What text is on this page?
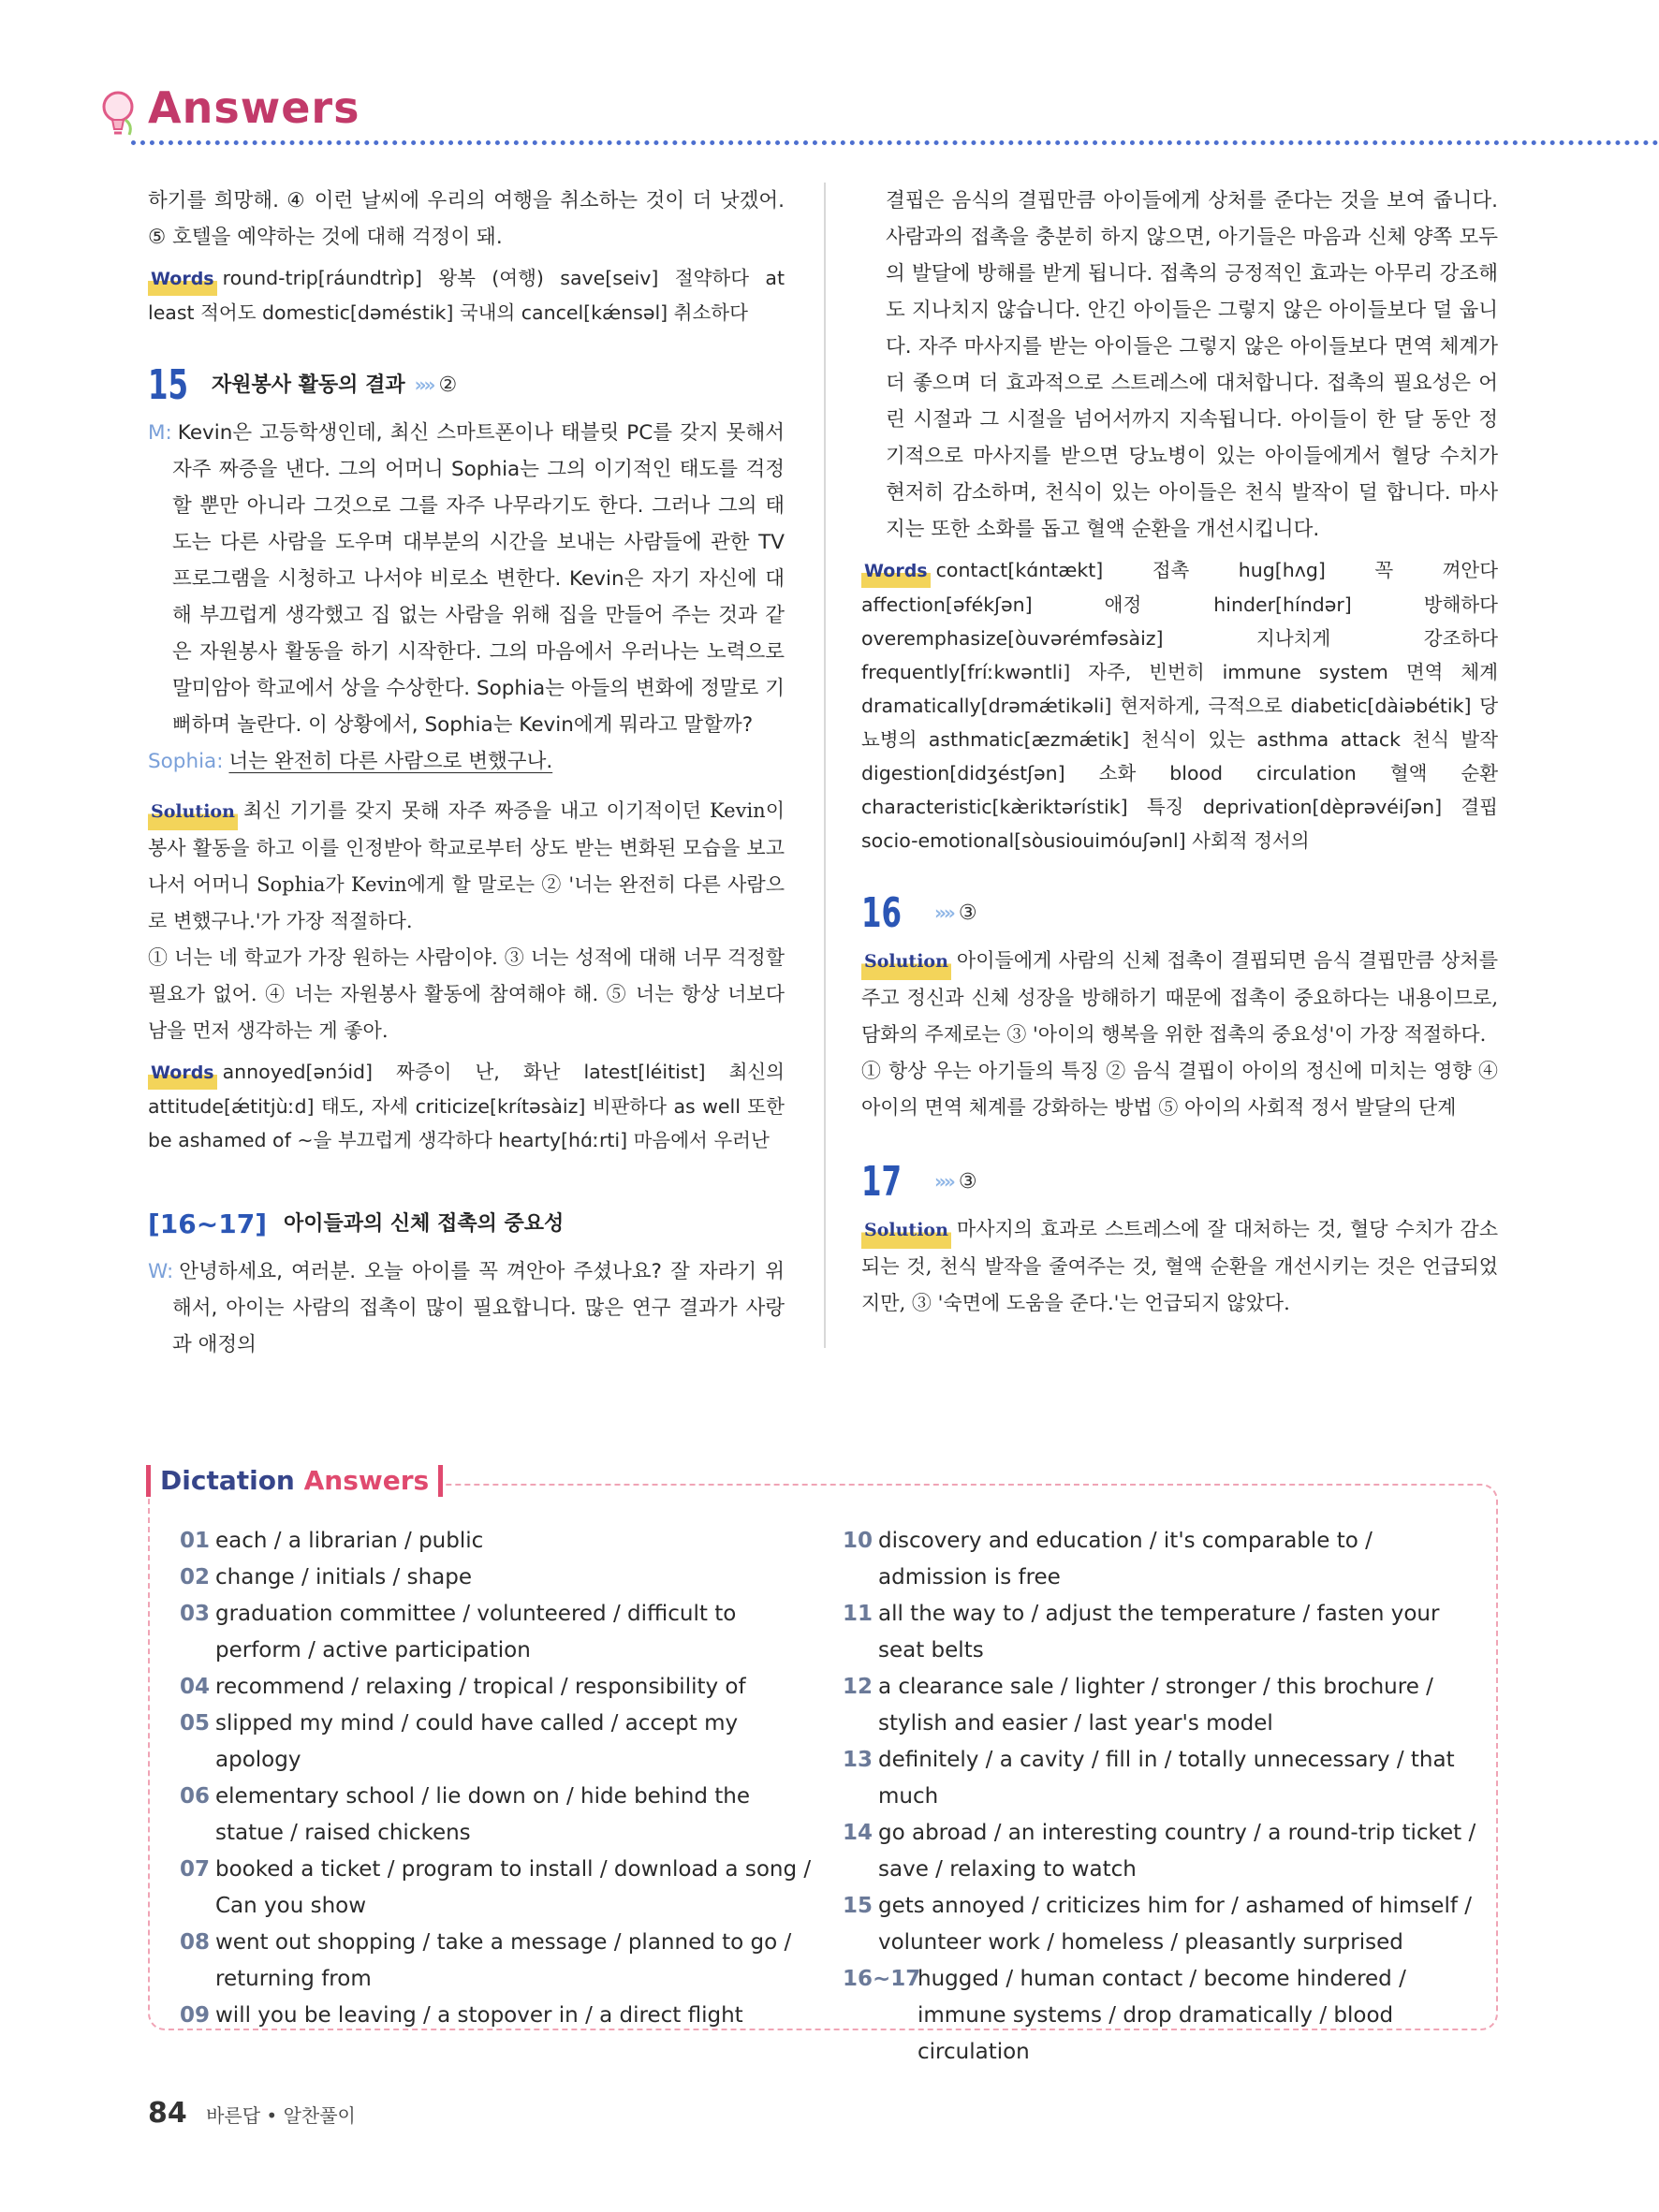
Answers

하기를 희망해. ④ 이런 날씨에 우리의 여행을 취소하는 것이 더 낫겠어. ⑤ 호텔을 예약하는 것에 대해 걱정이 돼.

Words round-trip[ráundtrìp] 왕복 (여행) save[seiv] 절약하다 at least 적어도 domestic[dəméstik] 국내의 cancel[kǽnsəl] 취소하다

15 자원봉사 활동의 결과 »» ②

M: Kevin은 고등학생인데, 최신 스마트폰이나 태블릿 PC를 갖지 못해서 자주 짜증을 낸다. 그의 어머니 Sophia는 그의 이기적인 태도를 걱정할 뿐만 아니라 그것으로 그를 자주 나무라기도 한다. 그러나 그의 태도는 다른 사람을 도우며 대부분의 시간을 보내는 사람들에 관한 TV 프로그램을 시청하고 나서야 비로소 변한다. Kevin은 자기 자신에 대해 부끄럽게 생각했고 집 없는 사람을 위해 집을 만들어 주는 것과 같은 자원봉사 활동을 하기 시작한다. 그의 마음에서 우러나는 노력으로 말미암아 학교에서 상을 수상한다. Sophia는 아들의 변화에 정말로 기뻐하며 놀란다. 이 상황에서, Sophia는 Kevin에게 뭐라고 말할까?

Sophia: 너는 완전히 다른 사람으로 변했구나.

Solution 최신 기기를 갖지 못해 자주 짜증을 내고 이기적이던 Kevin이 봉사 활동을 하고 이를 인정받아 학교로부터 상도 받는 변화된 모습을 보고 나서 어머니 Sophia가 Kevin에게 할 말로는 ② '너는 완전히 다른 사람으로 변했구나.'가 가장 적절하다.

① 너는 네 학교가 가장 원하는 사람이야. ③ 너는 성적에 대해 너무 걱정할 필요가 없어. ④ 너는 자원봉사 활동에 참여해야 해. ⑤ 너는 항상 너보다 남을 먼저 생각하는 게 좋아.

Words annoyed[ənɔ́id] 짜증이 난, 화난 latest[léitist] 최신의 attitude[ǽtitjùːd] 태도, 자세 criticize[krítəsàiz] 비판하다 as well 또한 be ashamed of ~을 부끄럽게 생각하다 hearty[hɑ́ːrti] 마음에서 우러난

[16~17] 아이들과의 신체 접촉의 중요성

W: 안녕하세요, 여러분. 오늘 아이를 꼭 껴안아 주셨나요? 잘 자라기 위해서, 아이는 사람의 접촉이 많이 필요합니다. 많은 연구 결과가 사랑과 애정의

결핍은 음식의 결핍만큼 아이들에게 상처를 준다는 것을 보여 줍니다. 사람과의 접촉을 충분히 하지 않으면, 아기들은 마음과 신체 양쪽 모두의 발달에 방해를 받게 됩니다. 접촉의 긍정적인 효과는 아무리 강조해도 지나치지 않습니다. 안긴 아이들은 그렇지 않은 아이들보다 덜 웁니다. 자주 마사지를 받는 아이들은 그렇지 않은 아이들보다 면역 체계가 더 좋으며 더 효과적으로 스트레스에 대처합니다. 접촉의 필요성은 어린 시절과 그 시절을 넘어서까지 지속됩니다. 아이들이 한 달 동안 정기적으로 마사지를 받으면 당뇨병이 있는 아이들에게서 혈당 수치가 현저히 감소하며, 천식이 있는 아이들은 천식 발작이 덜 합니다. 마사지는 또한 소화를 돕고 혈액 순환을 개선시킵니다.

Words contact[kɑ́ntækt] 접촉 hug[hʌg] 꼭 껴안다 affection[əfékʃən] 애정 hinder[híndər] 방해하다 overemphasize[òuvərémfəsàiz] 지나치게 강조하다 frequently[fríːkwəntli] 자주, 빈번히 immune system 면역 체계 dramatically[drəmǽtikəli] 현저하게, 극적으로 diabetic[dàiəbétik] 당뇨병의 asthmatic[æzmǽtik] 천식이 있는 asthma attack 천식 발작 digestion[didʒéstʃən] 소화 blood circulation 혈액 순환 characteristic[kæ̀riktərístik] 특징 deprivation[dèprəvéiʃən] 결핍 socio-emotional[sòusiouimóuʃənl] 사회적 정서의

16 »» ③

Solution 아이들에게 사람의 신체 접촉이 결핍되면 음식 결핍만큼 상처를 주고 정신과 신체 성장을 방해하기 때문에 접촉이 중요하다는 내용이므로, 담화의 주제로는 ③ '아이의 행복을 위한 접촉의 중요성'이 가장 적절하다.

① 항상 우는 아기들의 특징 ② 음식 결핍이 아이의 정신에 미치는 영향 ④ 아이의 면역 체계를 강화하는 방법 ⑤ 아이의 사회적 정서 발달의 단계

17 »» ③

Solution 마사지의 효과로 스트레스에 잘 대처하는 것, 혈당 수치가 감소되는 것, 천식 발작을 줄여주는 것, 혈액 순환을 개선시키는 것은 언급되었지만, ③ '숙면에 도움을 준다.'는 언급되지 않았다.

Dictation Answers
01 each / a librarian / public
02 change / initials / shape
03 graduation committee / volunteered / difficult to perform / active participation
04 recommend / relaxing / tropical / responsibility of
05 slipped my mind / could have called / accept my apology
06 elementary school / lie down on / hide behind the statue / raised chickens
07 booked a ticket / program to install / download a song / Can you show
08 went out shopping / take a message / planned to go / returning from
09 will you be leaving / a stopover in / a direct flight
10 discovery and education / it's comparable to / admission is free
11 all the way to / adjust the temperature / fasten your seat belts
12 a clearance sale / lighter / stronger / this brochure / stylish and easier / last year's model
13 definitely / a cavity / fill in / totally unnecessary / that much
14 go abroad / an interesting country / a round-trip ticket / save / relaxing to watch
15 gets annoyed / criticizes him for / ashamed of himself / volunteer work / homeless / pleasantly surprised
16~17
hugged / human contact / become hindered / immune systems / drop dramatically / blood circulation
84 바른답 • 알찬풀이
